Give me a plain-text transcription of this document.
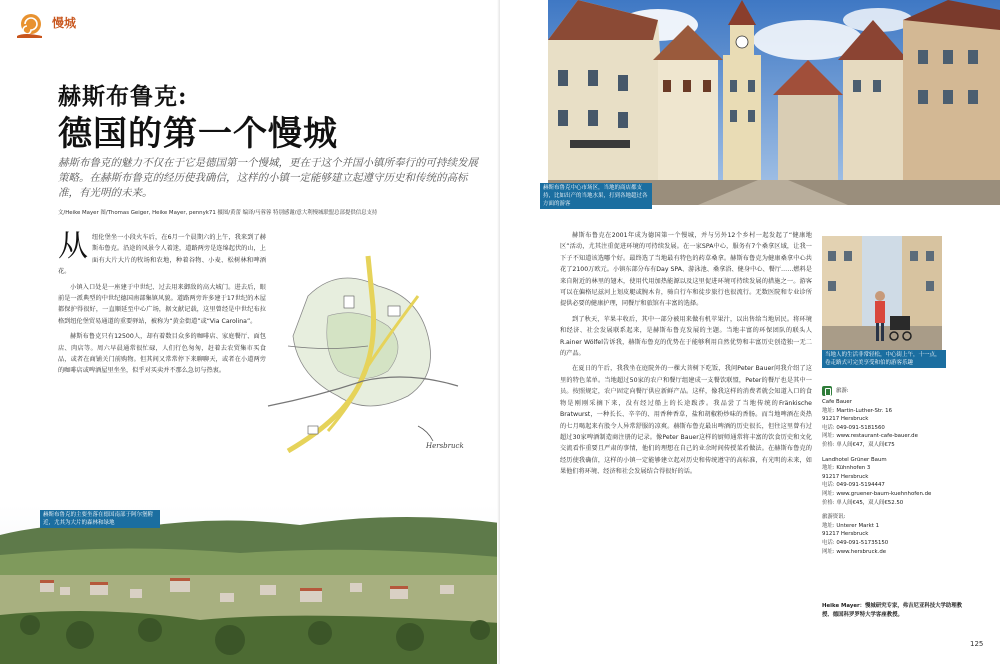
慢城
赫斯布鲁克:
德国的第一个慢城
赫斯布鲁克的魅力不仅在于它是德国第一个慢城，更在于这个并国小镇所奉行的可持续发展策略。在赫斯布鲁克的经历使我确信，这样的小镇一定能够建立起遵守历史和传统的高标准，有光明的未来。
文/Heike Mayer 图/Thomas Geiger, Heike Mayer, pennyk71 摄图/黄蕾 编译/马蓉蓉 特别感谢/意大利慢城联盟总部提供信息支持

从 纽伦堡坐一小段火车后，在6月一个晨期六的上午，我来到了赫斯布鲁克。沿途的风景令人着迷，道路两旁是连绵起伏的山，上面有大片大片的牧场和农地，种着谷物、小麦、松树林和啤酒花。

小镇入口处是一座建于中世纪、过去用来御敌的高大城门。进去后，眼前是一派典型的中世纪德国南部集镇风貌。道路两旁许多建于17世纪的木屋都保护得很好，一直顺延至中心广场，据文献记载，这里曾经是中世纪布拉格到纽伦堡贸易通道的重要驿站，被称为“黄金街道”或“Via Carolina”。

赫斯布鲁克只有12500人，却有着数目众多的咖啡店、家庭餐厅、面包店、肉店等。周六早晨通常很忙碌，人们行色匆匆，赶着去农贸集市买食品，或者在商铺关门前购物。但其间又常常停下来聊聊天，或者在小道两旁的咖啡店或啤酒屋里坐坐，似乎对买卖并不那么急切与热衷。

Hersbruck
赫斯布鲁克的主要坐落在德国南部于阿尔堡附近，尤其为大片的森林和绿地
赫斯布鲁克中心市场区，当地的商店都支持，比如出产的当地水果，打到各地超过各方面的游客

赫斯布鲁克在2001年成为德国第一个慢城，并与另外12个乡村一起发起了“健康地区”活动，尤其注重促进环境的可持续发展。在一家SPA中心，服务有7个桑拿区域，让我一下子不知道该选哪个好。最终选了当地最有特色的药草桑拿。赫斯布鲁克为健康桑拿中心共花了2100万欧元。小镇东部分布有Day SPA、游泳池、桑拿浴、健身中心、餐厅……燃料是来自附近的林里的翅木，使用代用加热能源以及这里促进环境可持续发展的措施之一。游客可以在偏格尼兹河上划皮艇或腕木肯，骑自行车和徒步旅行也很流行。无数医院和专业诊所提供必要的健康护理，同餐厅和旅馆有丰富的选择。

到了秋天，苹果丰收后，其中一部分被用来做有机苹果汁，以出售给当地居民。将环境和经济、社会发展联系起来，是赫斯布鲁克发展的主题。当地丰富的环保团队的联头人R.ainer Wölfel告诉我，赫斯布鲁克的优势在于能够利用自然优势和丰富历史创造独一无二的产品。

在夏日的午后，我我坐在庭院外的一棵大菩树下吃饭，我问Peter Bauer问我介绍了这里的特色菜单。当地超过50家的农户和餐厅组建成一支餐饮联盟，Peter的餐厅也是其中一员。按照规定，农户固定向餐厅供应新鲜产品。这样，像我这样的消费者就会知道入口的食物是刚刚采摘下来，没有经过船上的长途跋涉。我品尝了当地传统的Fränkische Bratwurst，一种长长、辛辛的、用香种香草，盐和胡椒粉炒味的香肠。而当地啤酒在炎热的七月喝起来有股令人异常舒服的凉爽。赫斯布鲁克最出啤酒的历史很长，但往这里曾有过超过30家啤酒制造商注册的记录。像Peter Bauer这样的厨师通常将丰富的饮食历史和文化交流看作重要且严肃的事情，他们的理想在自己的业余时间传授菜肴做法。在赫斯布鲁克的经历使我确信，这样的小镇一定能够建立起对历史和传统遵守的高标准，有光明的未来，如果他们将环境、经济和社会发展结合得很好的话。

当地人的生活非常轻松，中心街上午，十一点，卷走路式可完美享受和伯的游客乐趣
旅游:
Cafe Bauer
地址: Martin-Luther-Str. 16
91217 Hersbruck
电话: 049-091-5181560
网址: www.restaurant-cafe-bauer.de
价格: 单人间€47，双人间€75
Landhotel Grüner Baum
地址: Kühnhofen 3
91217 Hersbruck
电话: 049-091-5194447
网址: www.gruener-baum-kuehnhofen.de
价格: 单人间€45，双人间€52.50
旅游资讯:
地址: Unterer Markt 1
91217 Hersbruck
电话: 049-091-51735150
网址: www.hersbruck.de
Heike Mayer：慢城研究专家，弗吉尼亚科技大学助理教授、德国科罗罗特大学客座教授。
125
